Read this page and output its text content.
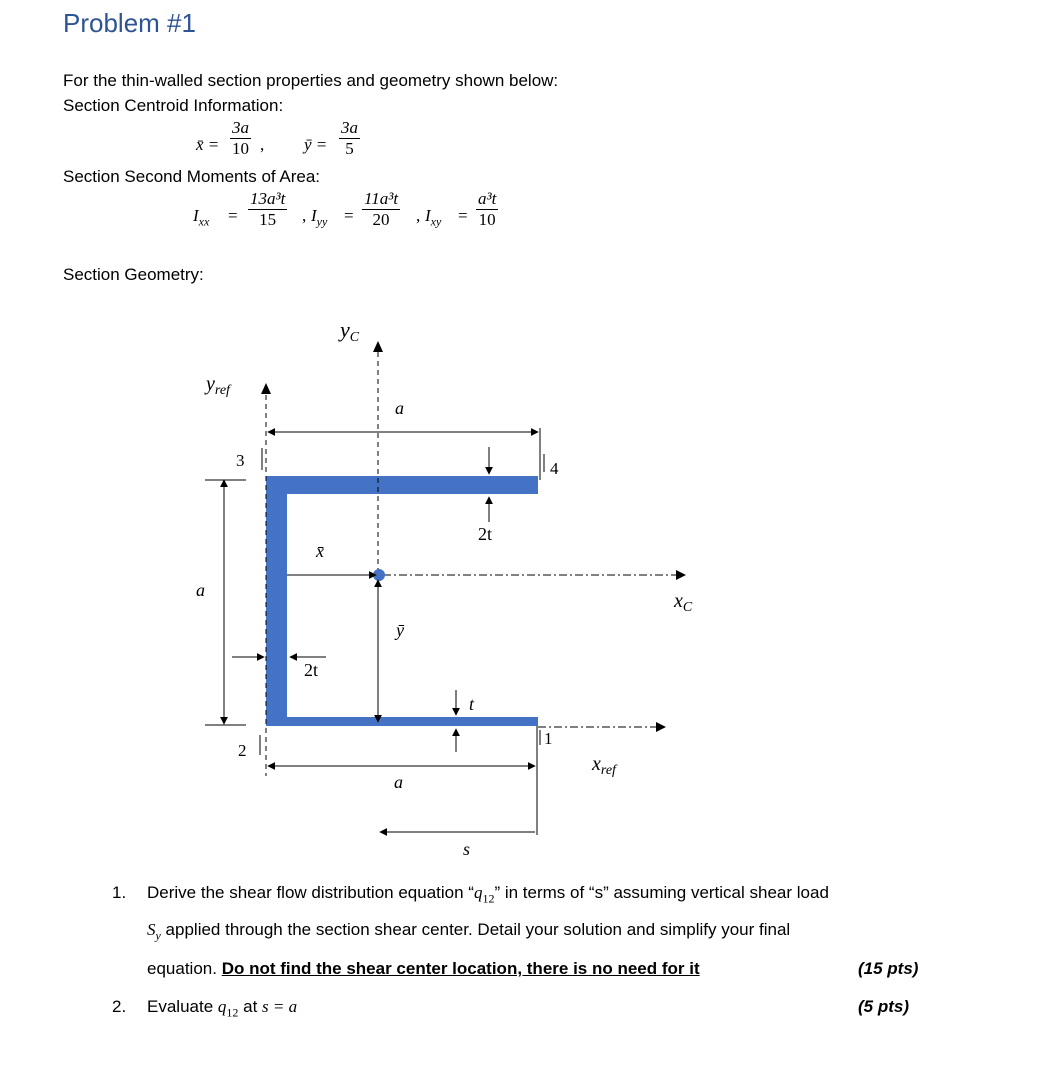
Problem #1
For the thin-walled section properties and geometry shown below:
Section Centroid Information:
x̄ = $\frac{3a}{10}$ , ȳ = $\frac{3a}{5}$
Section Second Moments of Area:
$I_{xx} = \frac{\text{13a³t}}{15}$ , $I_{yy} = \frac{\text{11a³t}}{20}$ , $I_{xy} = \frac{\text{a³t}}{10}$
Section Geometry:
yC
$y_{ref}$
$x_C$
$x_{ref}$
a
a
a
2t
2t
t
x̄
ȳ
s
1
2
3	4
1. Derive the shear flow distribution equation “$q_{12}$” in terms of “s” assuming vertical shear load
$S_y$ applied through the section shear center. Detail your solution and simplify your final
equation. Do not find the shear center location, there is no need for it	(15 pts)
2. Evaluate $q_{12}$ at s = a	(5 pts)
